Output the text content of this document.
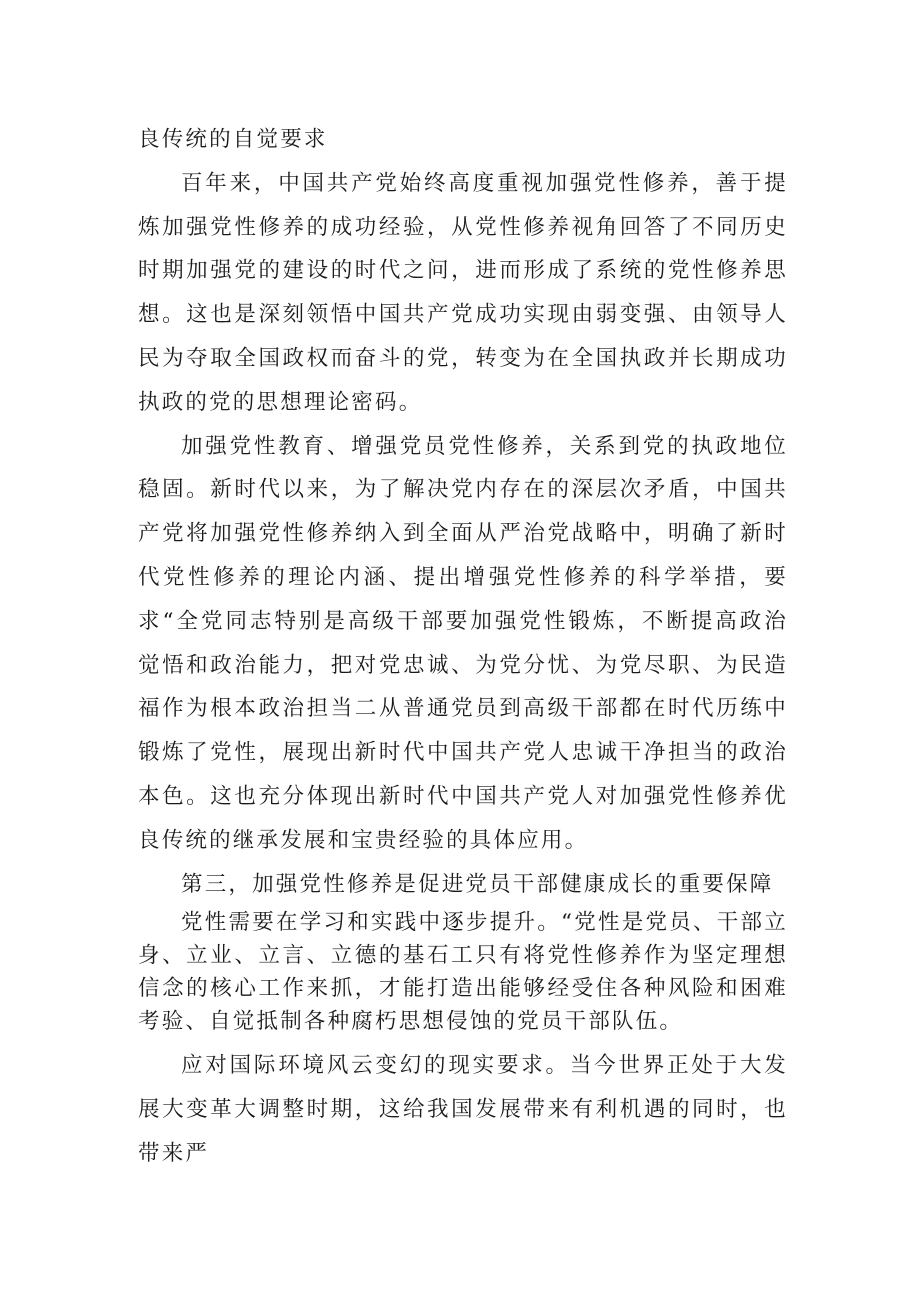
良传统的自觉要求

百年来，中国共产党始终高度重视加强党性修养，善于提炼加强党性修养的成功经验，从党性修养视角回答了不同历史时期加强党的建设的时代之问，进而形成了系统的党性修养思想。这也是深刻领悟中国共产党成功实现由弱变强、由领导人民为夺取全国政权而奋斗的党，转变为在全国执政并长期成功执政的党的思想理论密码。

加强党性教育、增强党员党性修养，关系到党的执政地位稳固。新时代以来，为了解决党内存在的深层次矛盾，中国共产党将加强党性修养纳入到全面从严治党战略中，明确了新时代党性修养的理论内涵、提出增强党性修养的科学举措，要求“全党同志特别是高级干部要加强党性锻炼，不断提高政治觉悟和政治能力，把对党忠诚、为党分忧、为党尽职、为民造福作为根本政治担当二从普通党员到高级干部都在时代历练中锻炼了党性，展现出新时代中国共产党人忠诚干净担当的政治本色。这也充分体现出新时代中国共产党人对加强党性修养优良传统的继承发展和宝贵经验的具体应用。

第三，加强党性修养是促进党员干部健康成长的重要保障

党性需要在学习和实践中逐步提升。“党性是党员、干部立身、立业、立言、立德的基石工只有将党性修养作为坚定理想信念的核心工作来抓，才能打造出能够经受住各种风险和困难考验、自觉抵制各种腐朽思想侵蚀的党员干部队伍。

应对国际环境风云变幻的现实要求。当今世界正处于大发展大变革大调整时期，这给我国发展带来有利机遇的同时，也带来严
